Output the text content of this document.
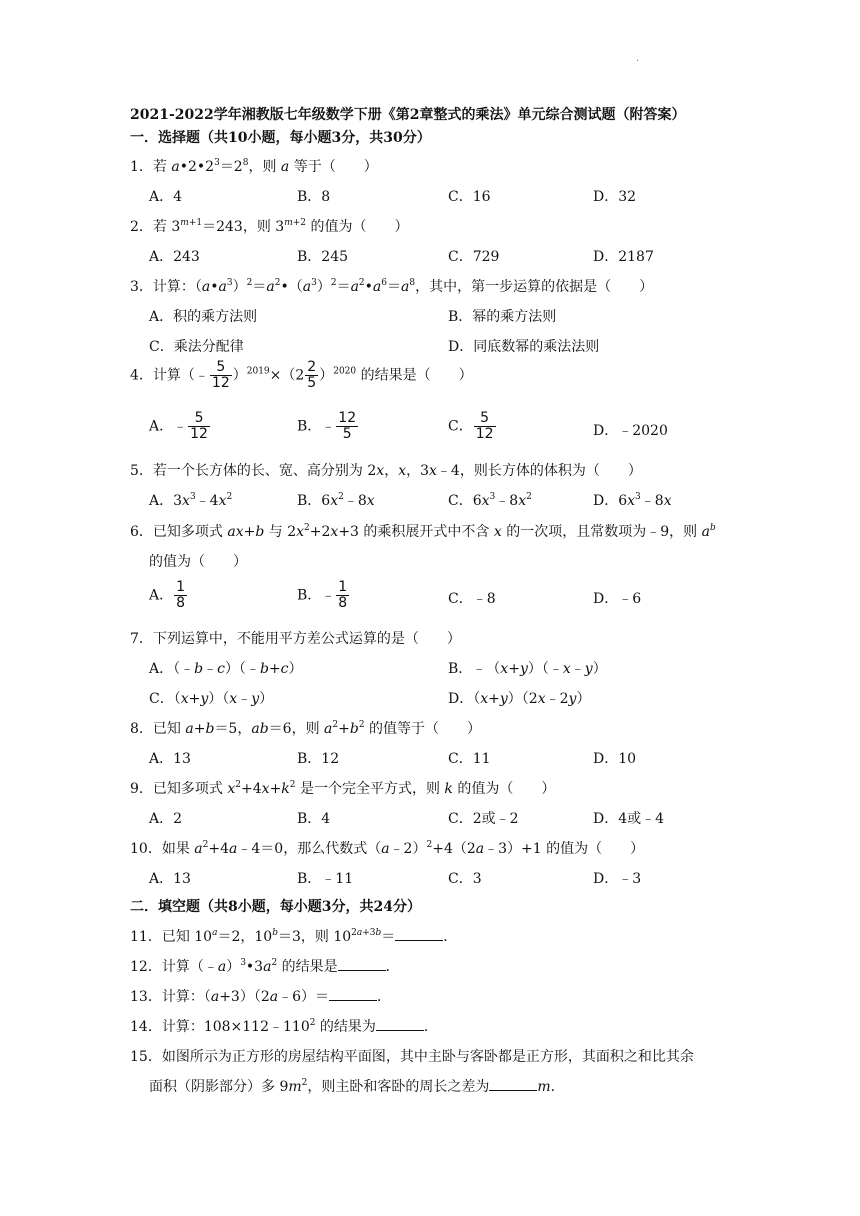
·
2021-2022学年湘教版七年级数学下册《第2章整式的乘法》单元综合测试题（附答案）
一．选择题（共10小题，每小题3分，共30分）
1．若 $a•2•2^3=2^8$，则 a 等于（　　）
A．4	B．8	C．16	D．32
2．若 $3^{m+1}=243$，则 $3^{m+2}$ 的值为（　　）
A．243	B．245	C．729	D．2187
3．计算：$(a•a^3)^2=a^2•(a^3)^2=a^2•a^6=a^8$，其中，第一步运算的依据是（　　）
A．积的乘方法则	B．幂的乘方法则
C．乘法分配律	D．同底数幂的乘法法则
4．计算（﹣ $\frac{5}{12} )^{2019}\times(2 \frac{2}{5} )^{2020}$ 的结果是（　　）
A．﹣ $\frac{5}{12}$	B．﹣ $\frac{12}{5}$	C． $\frac{5}{12}$	D．﹣2020
5．若一个长方体的长、宽、高分别为 2x，x，3x﹣4，则长方体的体积为（　　）
A．$3x^3﹣4x^2$	B．$6x^2﹣8x$	C．$6x^3﹣8x^2$	D．$6x^3﹣8x$
6．已知多项式 ax+b 与 $2x^2+2x+3$ 的乘积展开式中不含 x 的一次项，且常数项为﹣9，则 $a^b$
的值为（　　）
A． $\frac{1}{8}$	B．﹣ $\frac{1}{8}$	C．﹣8	D．﹣6
7．下列运算中，不能用平方差公式运算的是（　　）
A．（﹣b﹣c）（﹣b+c）	B．﹣（x+y）（﹣x﹣y）
C．（x+y）（x﹣y）	D．（x+y）（2x﹣2y）
8．已知 a+b＝5，ab＝6，则 $a^2+b^2$ 的值等于（　　）
A．13	B．12	C．11	D．10
9．已知多项式 $x^2+4x+k^2$ 是一个完全平方式，则 k 的值为（　　）
A．2	B．4	C．2或﹣2	D．4或﹣4
10．如果 $a^2+4a﹣4=0$，那么代数式（a﹣2）$^2$+4（2a﹣3）+1 的值为（　　）
A．13	B．﹣11	C．3	D．﹣3
二．填空题（共8小题，每小题3分，共24分）
11．已知 $10^a=2$，$10^b=3$，则 $10^{2a+3b}=$	．
12．计算$(﹣a)^3•3a^2$ 的结果是	．
13．计算：（a+3）（2a﹣6）＝	．
14．计算：$108\times 112﹣110^2$ 的结果为	．
15．如图所示为正方形的房屋结构平面图，其中主卧与客卧都是正方形，其面积之和比其余
面积（阴影部分）多 $9m^2$，则主卧和客卧的周长之差为	m．
